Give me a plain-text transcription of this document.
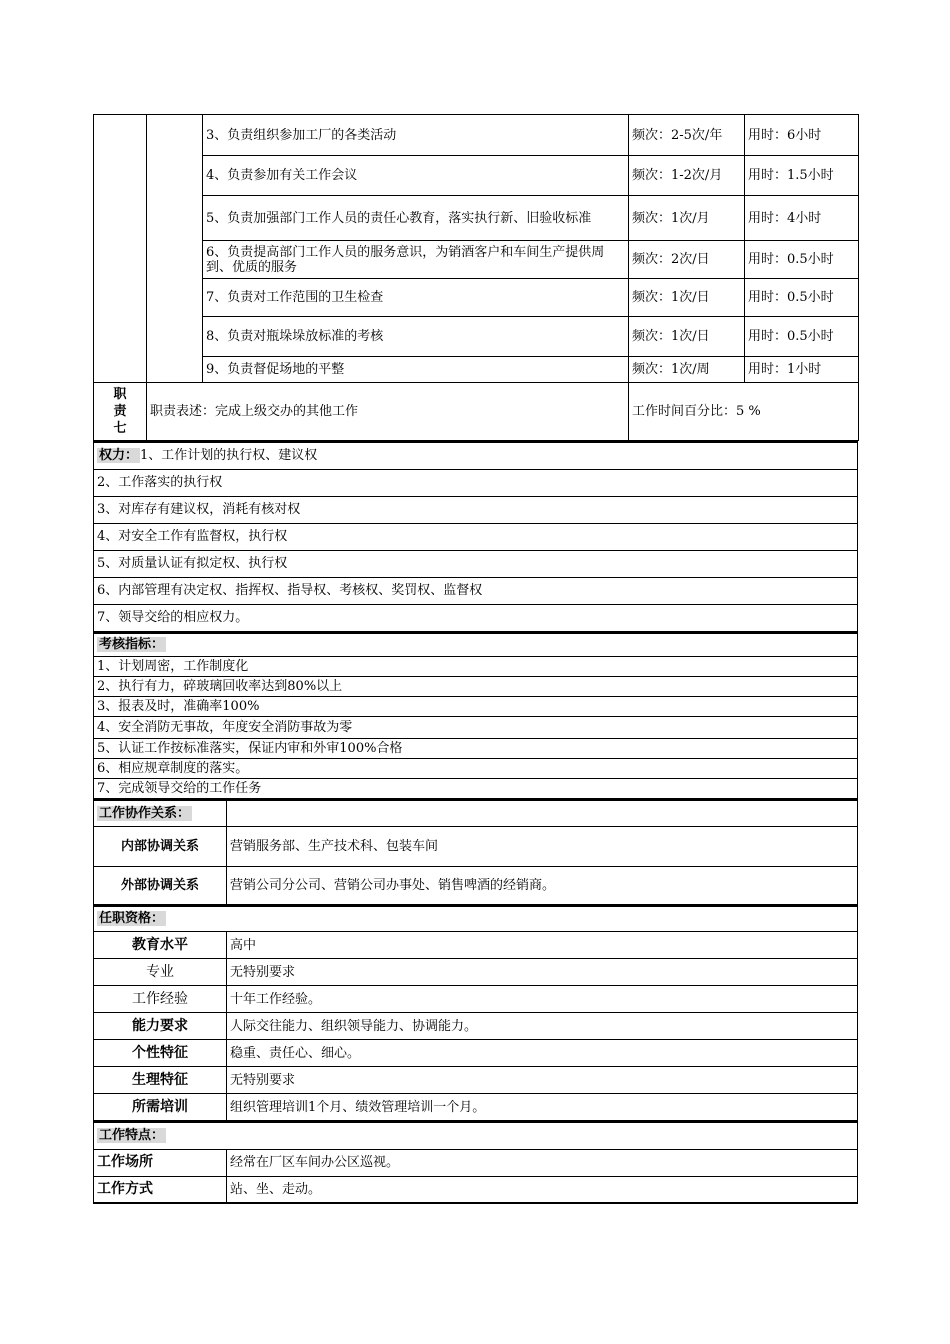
		3、负责组织参加工厂的各类活动	频次：2-5次/年	用时：6小时
		4、负责参加有关工作会议	频次：1-2次/月	用时：1.5小时
		5、负责加强部门工作人员的责任心教育，落实执行新、旧验收标准	频次：1次/月	用时：4小时
		6、负责提高部门工作人员的服务意识，为销酒客户和车间生产提供周到、优质的服务	频次：2次/日	用时：0.5小时
		7、负责对工作范围的卫生检查	频次：1次/日	用时：0.5小时
		8、负责对瓶垛垛放标准的考核	频次：1次/日	用时：0.5小时
		9、负责督促场地的平整	频次：1次/周	用时：1小时
职责七	职责表述：完成上级交办的其他工作		工作时间百分比：5 %	
权力： 1、工作计划的执行权、建议权
2、工作落实的执行权
3、对库存有建议权，消耗有核对权
4、对安全工作有监督权，执行权
5、对质量认证有拟定权、执行权
6、内部管理有决定权、指挥权、指导权、考核权、奖罚权、监督权
7、领导交给的相应权力。
考核指标：
1、计划周密，工作制度化
2、执行有力，碎玻璃回收率达到80%以上
3、报表及时，准确率100%
4、安全消防无事故，年度安全消防事故为零
5、认证工作按标准落实，保证内审和外审100%合格
6、相应规章制度的落实。
7、完成领导交给的工作任务
工作协作关系：	
内部协调关系	营销服务部、生产技术科、包装车间
外部协调关系	营销公司分公司、营销公司办事处、销售啤酒的经销商。
任职资格：	
教育水平	高中
专业	无特别要求
工作经验	十年工作经验。
能力要求	人际交往能力、组织领导能力、协调能力。
个性特征	稳重、责任心、细心。
生理特征	无特别要求
所需培训	组织管理培训1个月、绩效管理培训一个月。
工作特点：	
工作场所	经常在厂区车间办公区巡视。
工作方式	站、坐、走动。
